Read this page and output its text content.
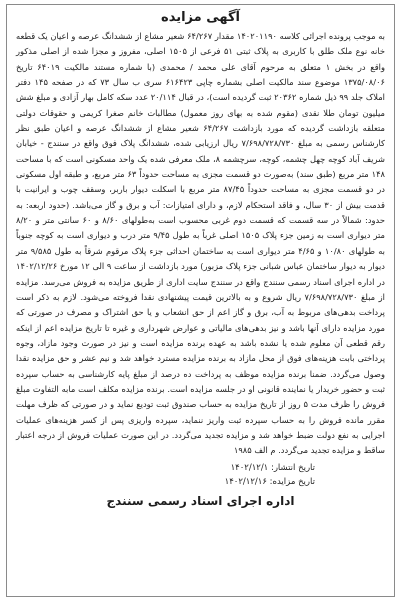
آگهی مزایده

به موجب پرونده اجرائی کلاسه ۱۴۰۲۰۱۱۹۰ مقدار ۶۴/۲۶۷ شعیر مشاع از ششدانگ عرصه و اعیان یک قطعه خانه نوع ملک طلق با کاربری به پلاک ثبتی ۵۱ فرعی از ۱۵۰۵ اصلی، مفروز و مجزا شده از اصلی مذکور واقع در بخش ۱ متعلق به مرحوم آقای علی محمد / محمدی (با شماره مستند مالکیت ۶۴۰۱۹ تاریخ ۱۳۷۵/۰۸/۰۶ موضوع سند مالکیت اصلی بشماره چاپی ۶۱۶۴۲۳ سری ب سال ۷۳ که در صفحه ۱۴۵ دفتر املاک جلد ۹۹ ذیل شماره ۲۰۳۶۲ ثبت گردیده است)، در قبال ۲۰/۱۱۴ عدد سکه کامل بهار آزادی و مبلغ شش میلیون تومان طلا نقدی (مقوم شده به بهای روز معمول) مطالبات خانم صغرا کریمی و حقوقات دولتی متعلقه بازداشت گردیده که مورد بازداشت ۶۴/۲۶۷ شعیر مشاع از ششدانگ عرصه و اعیان طبق نظر کارشناس رسمی به مبلغ ۷/۶۹۸/۷۲۸/۷۳۰ ریال ارزیابی شده، ششدانگ پلاک فوق واقع در سنندج - خیابان شریف آباد کوچه چهل چشمه، کوچه، سرچشمه ۸، ملک معرفی شده یک واحد مسکونی است که با مساحت ۱۴۸ متر مربع (طبق سند) به‌صورت دو قسمت مجزی به مساحت حدوداً ۶۳ متر مربع، و طبقه اول مسکونی در دو قسمت مجزی به مساحت حدوداً ۸۷/۴۵ متر مربع با اسکلت دیوار باربر، وسقف چوب و ایرانیت با قدمت بیش از ۳۰ سال، و فاقد استحکام لازم، و دارای امتیازات: آب و برق و گاز می‌باشد. (حدود اربعه: به حدود: شمالاً در سه قسمت که قسمت دوم غربی محسوب است به‌طولهای ۸/۶۰ و ۶۰ سانتی متر و ۸/۲۰ متر دیواری است به زمین جزء پلاک ۱۵۰۵ اصلی غرباً به طول ۹/۴۵ متر درب و دیواری است به کوچه جنوباً به طولهای ۱۰/۸۰ و ۴/۶۵ متر دیواری است به ساختمان احداثی جزء پلاک مرقوم شرقاً به طول ۹/۵۸۵ متر دیوار به دیوار ساختمان عباس شبانی جزء پلاک مزبور) مورد بازداشت از ساعت ۹ الی ۱۲ مورخ ۱۴۰۲/۱۲/۲۶ در اداره اجرای اسناد رسمی سنندج واقع در سنندج سایت اداری از طریق مزایده به فروش می‌رسد. مزایده از مبلغ ۷/۶۹۸/۷۲۸/۷۳۰ ریال شروع و به بالاترین قیمت پیشنهادی نقدا فروخته می‌شود. لازم به ذکر است پرداخت بدهی‌های مربوط به آب، برق و گاز اعم از حق انشعاب و یا حق اشتراک و مصرف در صورتی که مورد مزایده دارای آنها باشد و نیز بدهی‌های مالیاتی و عوارض شهرداری و غیره تا تاریخ مزایده اعم از اینکه رقم قطعی آن معلوم شده یا نشده باشد به عهده برنده مزایده است و نیز در صورت وجود مازاد، وجوه پرداختی بابت هزینه‌های فوق از محل مازاد به برنده مزایده مسترد خواهد شد و نیم عشر و حق مزایده نقدا وصول می‌گردد. ضمنا برنده مزایده موظف به پرداخت ده درصد از مبلغ پایه کارشناسی به حساب سپرده ثبت و حضور خریدار یا نماینده قانونی او در جلسه مزایده است. برنده مزایده مکلف است مابه التفاوت مبلغ فروش را ظرف مدت ۵ روز از تاریخ مزایده به حساب صندوق ثبت تودیع نماید و در صورتی که ظرف مهلت مقرر مانده فروش را به حساب سپرده ثبت واریز ننماید، سپرده واریزی پس از کسر هزینه‌های عملیات اجرایی به نفع دولت ضبط خواهد شد و مزایده تجدید می‌گردد. در این صورت عملیات فروش از درجه اعتبار ساقط و مزایده تجدید می‌گردد. م الف ۱۹۸۵

تاریخ انتشار: ۱۴۰۲/۱۲/۱
تاریخ مزایده: ۱۴۰۲/۱۲/۱۶
اداره اجرای اسناد رسمی سنندج
